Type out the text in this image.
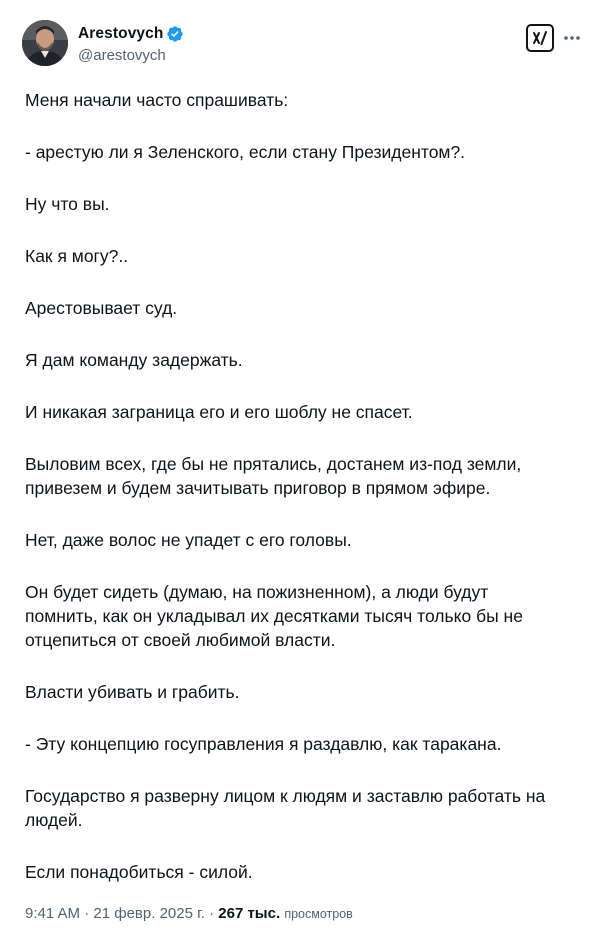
Arestovych
@arestovych

Меня начали часто спрашивать:

- арестую ли я Зеленского, если стану Президентом?.

Ну что вы.

Как я могу?..

Арестовывает суд.

Я дам команду задержать.

И никакая заграница его и его шоблу не спасет.

Выловим всех, где бы не прятались, достанем из-под земли,
привезем и будем зачитывать приговор в прямом эфире.

Нет, даже волос не упадет с его головы.

Он будет сидеть (думаю, на пожизненном), а люди будут
помнить, как он укладывал их десятками тысяч только бы не
отцепиться от своей любимой власти.

Власти убивать и грабить.

- Эту концепцию госуправления я раздавлю, как таракана.

Государство я разверну лицом к людям и заставлю работать на
людей.

Если понадобиться - силой.

9:41 AM · 21 февр. 2025 г. · 267 тыс. просмотров
